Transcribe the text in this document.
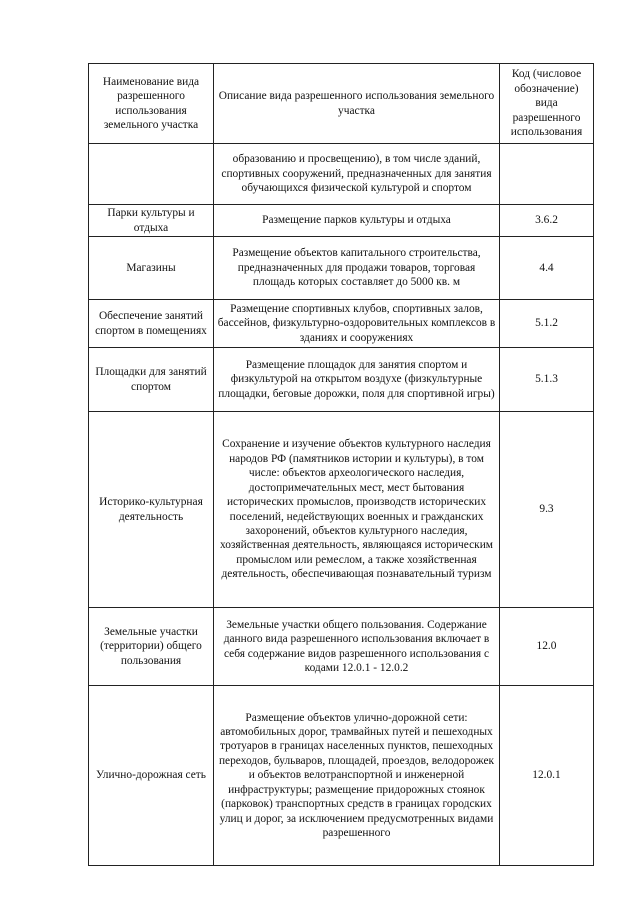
Наименование вида разрешенного использования земельного участка	Описание вида разрешенного использования земельного участка	Код (числовое обозначение) вида разрешенного использования
	образованию и просвещению), в том числе зданий, спортивных сооружений, предназначенных для занятия обучающихся физической культурой и спортом	
Парки культуры и отдыха	Размещение парков культуры и отдыха	3.6.2
Магазины	Размещение объектов капитального строительства, предназначенных для продажи товаров, торговая площадь которых составляет до 5000 кв. м	4.4
Обеспечение занятий спортом в помещениях	Размещение спортивных клубов, спортивных залов, бассейнов, физкультурно-оздоровительных комплексов в зданиях и сооружениях	5.1.2
Площадки для занятий спортом	Размещение площадок для занятия спортом и физкультурой на открытом воздухе (физкультурные площадки, беговые дорожки, поля для спортивной игры)	5.1.3
Историко-культурная деятельность	Сохранение и изучение объектов культурного наследия народов РФ (памятников истории и культуры), в том числе: объектов археологического наследия, достопримечательных мест, мест бытования исторических промыслов, производств исторических поселений, недействующих военных и гражданских захоронений, объектов культурного наследия, хозяйственная деятельность, являющаяся историческим промыслом или ремеслом, а также хозяйственная деятельность, обеспечивающая познавательный туризм	9.3
Земельные участки (территории) общего пользования	Земельные участки общего пользования. Содержание данного вида разрешенного использования включает в себя содержание видов разрешенного использования с кодами 12.0.1 - 12.0.2	12.0
Улично-дорожная сеть	Размещение объектов улично-дорожной сети: автомобильных дорог, трамвайных путей и пешеходных тротуаров в границах населенных пунктов, пешеходных переходов, бульваров, площадей, проездов, велодорожек и объектов велотранспортной и инженерной инфраструктуры; размещение придорожных стоянок (парковок) транспортных средств в границах городских улиц и дорог, за исключением предусмотренных видами разрешенного	12.0.1
